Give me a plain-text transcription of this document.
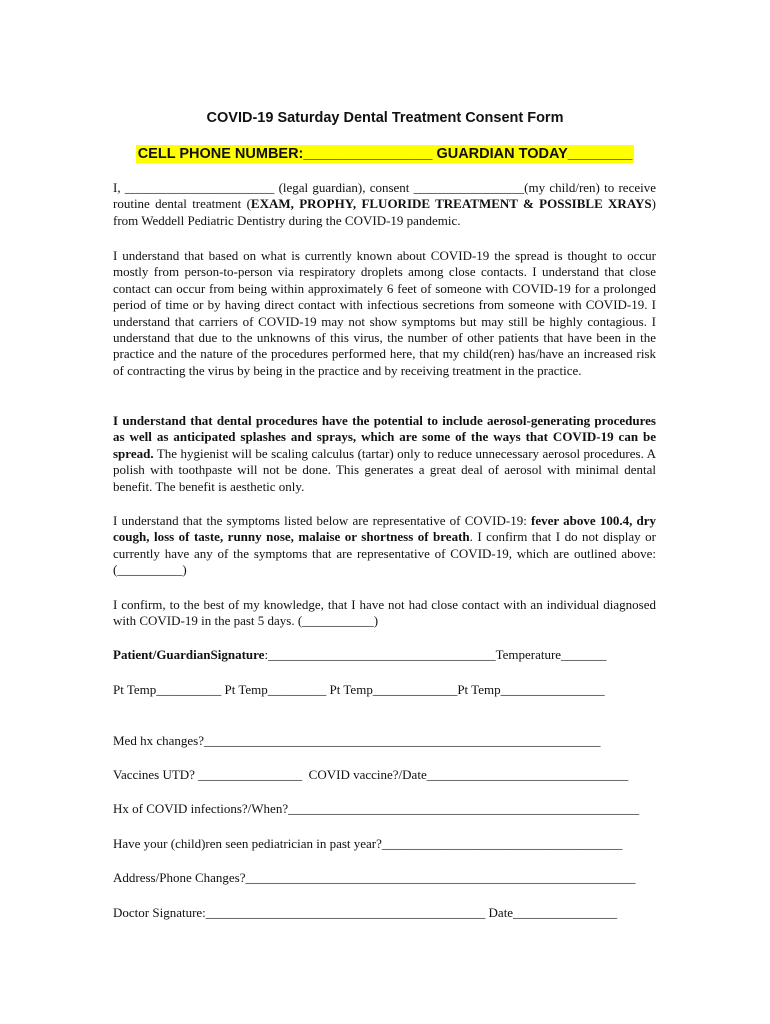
COVID-19 Saturday Dental Treatment Consent Form
CELL PHONE NUMBER:________________ GUARDIAN TODAY________

I, _______________________ (legal guardian), consent _________________(my child/ren) to receive routine dental treatment (EXAM, PROPHY, FLUORIDE TREATMENT & POSSIBLE XRAYS) from Weddell Pediatric Dentistry during the COVID-19 pandemic.

I understand that based on what is currently known about COVID-19 the spread is thought to occur mostly from person-to-person via respiratory droplets among close contacts. I understand that close contact can occur from being within approximately 6 feet of someone with COVID-19 for a prolonged period of time or by having direct contact with infectious secretions from someone with COVID-19. I understand that carriers of COVID-19 may not show symptoms but may still be highly contagious. I understand that due to the unknowns of this virus, the number of other patients that have been in the practice and the nature of the procedures performed here, that my child(ren) has/have an increased risk of contracting the virus by being in the practice and by receiving treatment in the practice.

I understand that dental procedures have the potential to include aerosol-generating procedures as well as anticipated splashes and sprays, which are some of the ways that COVID-19 can be spread. The hygienist will be scaling calculus (tartar) only to reduce unnecessary aerosol procedures. A polish with toothpaste will not be done. This generates a great deal of aerosol with minimal dental benefit. The benefit is aesthetic only.

I understand that the symptoms listed below are representative of COVID-19: fever above 100.4, dry cough, loss of taste, runny nose, malaise or shortness of breath. I confirm that I do not display or currently have any of the symptoms that are representative of COVID-19, which are outlined above: (__________)

I confirm, to the best of my knowledge, that I have not had close contact with an individual diagnosed with COVID-19 in the past 5 days. (___________)

Patient/GuardianSignature:___________________________________Temperature_______

Pt Temp__________ Pt Temp_________ Pt Temp_____________Pt Temp________________

Med hx changes?_____________________________________________________________

Vaccines UTD? ________________  COVID vaccine?/Date_______________________________

Hx of COVID infections?/When?______________________________________________________

Have your (child)ren seen pediatrician in past year?_____________________________________

Address/Phone Changes?____________________________________________________________

Doctor Signature:___________________________________________ Date________________
